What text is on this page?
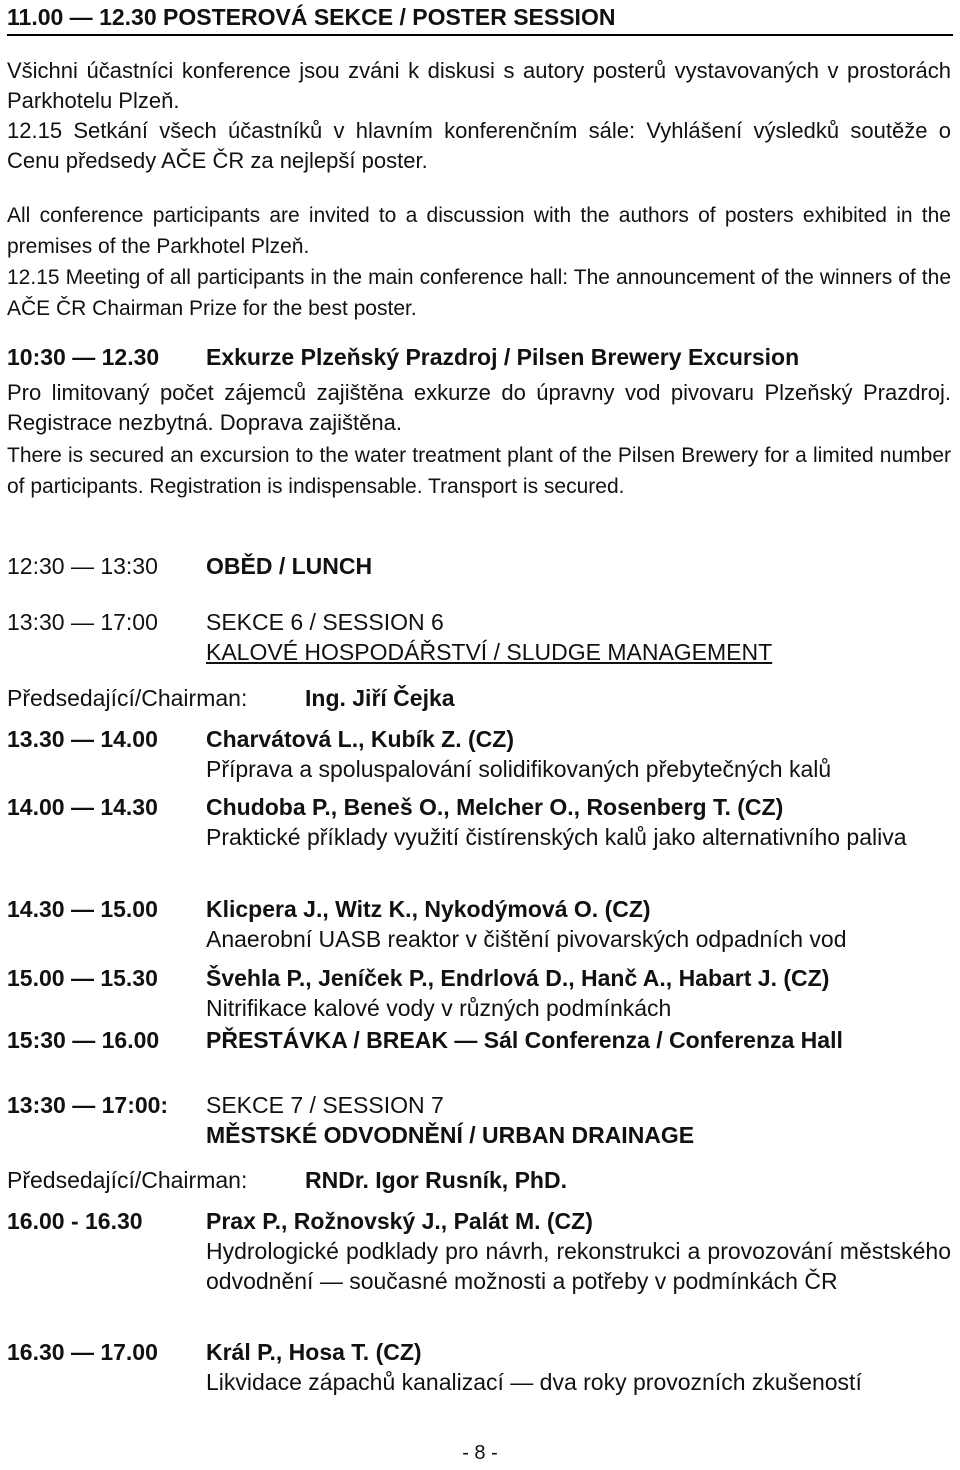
11.00 — 12.30 POSTEROVÁ SEKCE / POSTER SESSION
Všichni účastníci konference jsou zváni k diskusi s autory posterů vystavovaných v prostorách Parkhotelu Plzeň.
12.15 Setkání všech účastníků v hlavním konferenčním sále: Vyhlášení výsledků soutěže o Cenu předsedy AČE ČR za nejlepší poster.
All conference participants are invited to a discussion with the authors of posters exhibited in the premises of the Parkhotel Plzeň.
12.15 Meeting of all participants in the main conference hall: The announcement of the winners of the AČE ČR Chairman Prize for the best poster.
10:30 — 12.30 Exkurze Plzeňský Prazdroj / Pilsen Brewery Excursion
Pro limitovaný počet zájemců zajištěna exkurze do úpravny vod pivovaru Plzeňský Prazdroj. Registrace nezbytná. Doprava zajištěna.
There is secured an excursion to the water treatment plant of the Pilsen Brewery for a limited number of participants. Registration is indispensable. Transport is secured.
12:30 — 13:30 OBĚD / LUNCH
13:30 — 17:00 SEKCE 6 / SESSION 6
KALOVÉ HOSPODÁŘSTVÍ / SLUDGE MANAGEMENT
Předsedající/Chairman:	Ing. Jiří Čejka
13.30 — 14.00 Charvátová L., Kubík Z. (CZ)
Příprava a spoluspalování solidifikovaných přebytečných kalů
14.00 — 14.30 Chudoba P., Beneš O., Melcher O., Rosenberg T. (CZ)
Praktické příklady využití čistírenských kalů jako alternativního paliva
14.30 — 15.00 Klicpera J., Witz K., Nykodýmová O. (CZ)
Anaerobní UASB reaktor v čištění pivovarských odpadních vod
15.00 — 15.30 Švehla P., Jeníček P., Endrlová D., Hanč A., Habart J. (CZ)
Nitrifikace kalové vody v různých podmínkách
15:30 — 16.00 PŘESTÁVKA / BREAK — Sál Conferenza / Conferenza Hall
13:30 — 17:00: SEKCE 7 / SESSION 7
MĚSTSKÉ ODVODNĚNÍ / URBAN DRAINAGE
Předsedající/Chairman:	RNDr. Igor Rusník, PhD.
16.00 - 16.30	Prax P., Rožnovský J., Palát M. (CZ)
Hydrologické podklady pro návrh, rekonstrukci a provozování městského odvodnění — současné možnosti a potřeby v podmínkách ČR
16.30 — 17.00 Král P., Hosa T. (CZ)
Likvidace zápachů kanalizací — dva roky provozních zkušeností
- 8 -
